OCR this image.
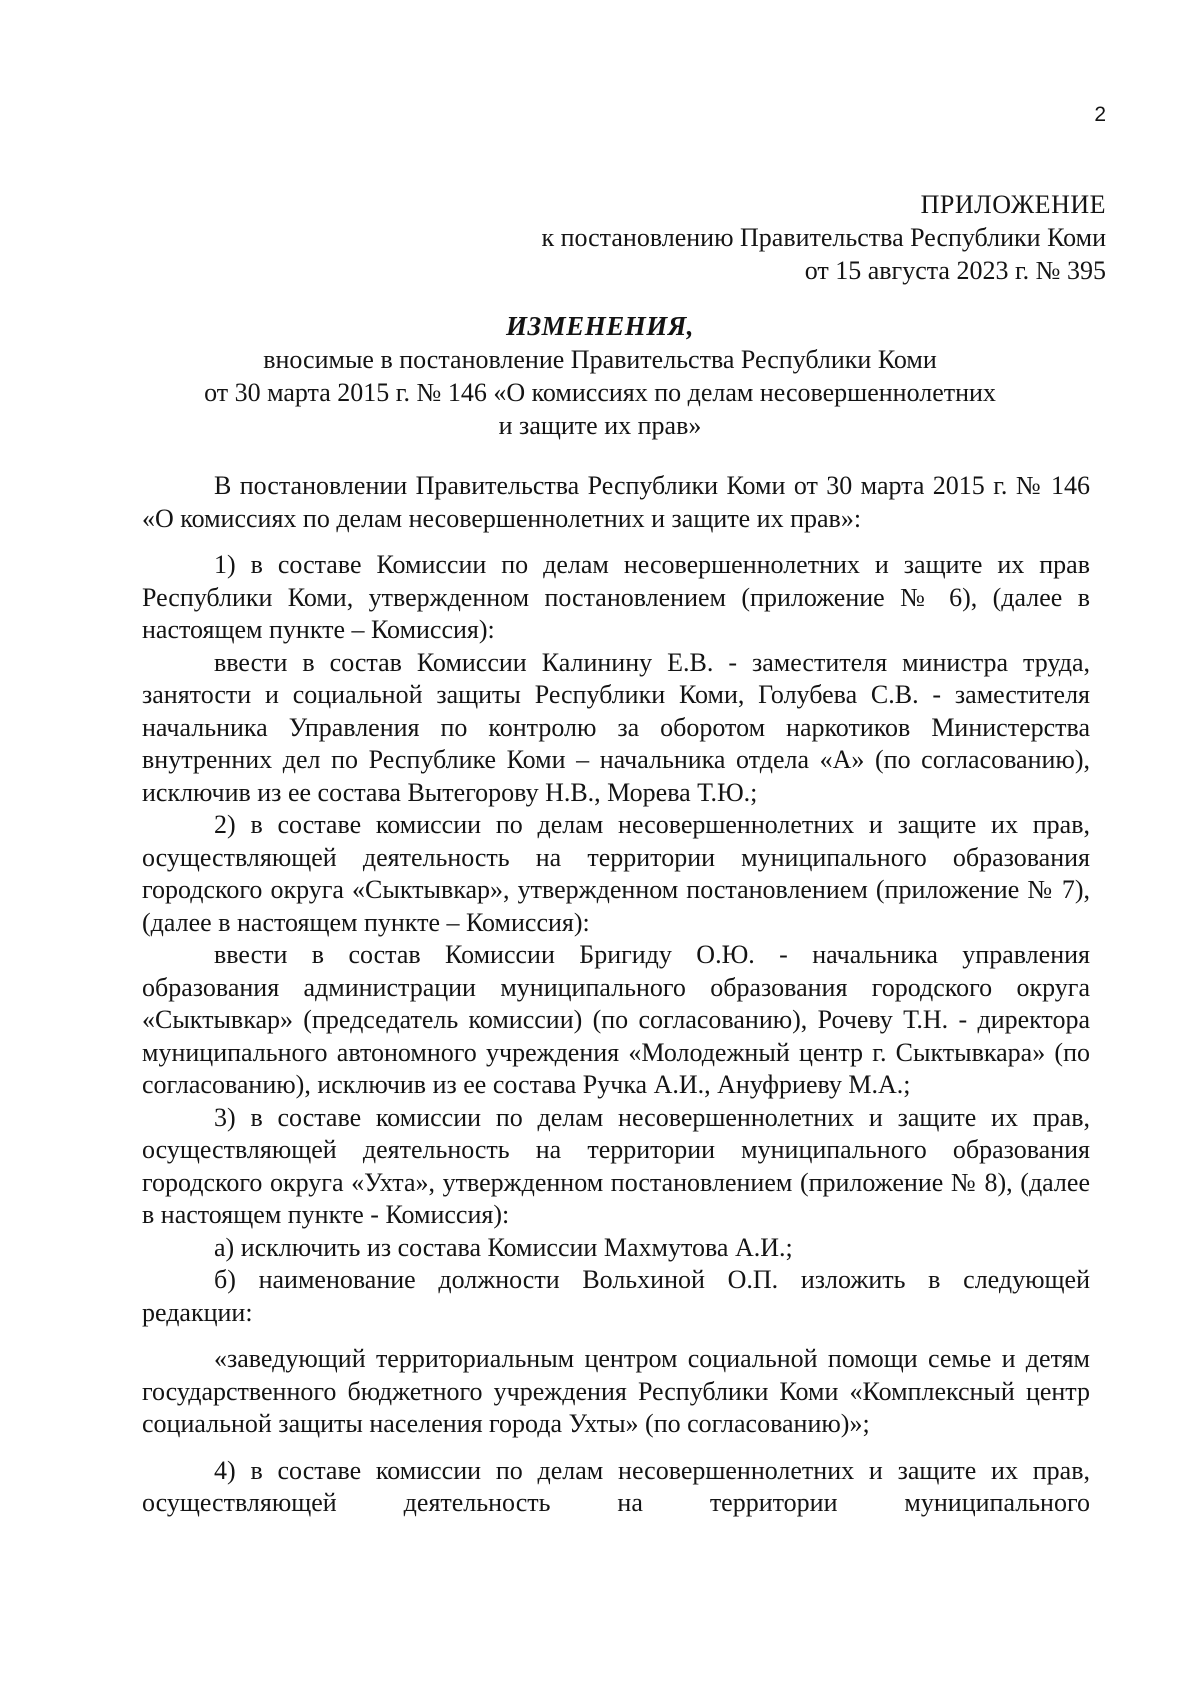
2
ПРИЛОЖЕНИЕ
к постановлению Правительства Республики Коми
от 15 августа 2023 г. № 395
ИЗМЕНЕНИЯ,
вносимые в постановление Правительства Республики Коми
от 30 марта 2015 г. № 146 «О комиссиях по делам несовершеннолетних
и защите их прав»

В постановлении Правительства Республики Коми от 30 марта 2015 г. № 146 «О комиссиях по делам несовершеннолетних и защите их прав»:

1) в составе Комиссии по делам несовершеннолетних и защите их прав Республики Коми, утвержденном постановлением (приложение № 6), (далее в настоящем пункте – Комиссия):

ввести в состав Комиссии Калинину Е.В. - заместителя министра труда, занятости и социальной защиты Республики Коми, Голубева С.В. - заместителя начальника Управления по контролю за оборотом наркотиков Министерства внутренних дел по Республике Коми – начальника отдела «А» (по согласованию), исключив из ее состава Вытегорову Н.В., Морева Т.Ю.;

2) в составе комиссии по делам несовершеннолетних и защите их прав, осуществляющей деятельность на территории муниципального образования городского округа «Сыктывкар», утвержденном постановлением (приложение № 7), (далее в настоящем пункте – Комиссия):

ввести в состав Комиссии Бригиду О.Ю. - начальника управления образования администрации муниципального образования городского округа «Сыктывкар» (председатель комиссии) (по согласованию), Рочеву Т.Н. - директора муниципального автономного учреждения «Молодежный центр г. Сыктывкара» (по согласованию), исключив из ее состава Ручка А.И., Ануфриеву М.А.;

3) в составе комиссии по делам несовершеннолетних и защите их прав, осуществляющей деятельность на территории муниципального образования городского округа «Ухта», утвержденном постановлением (приложение № 8), (далее в настоящем пункте - Комиссия):

а) исключить из состава Комиссии Махмутова А.И.;

б) наименование должности Вольхиной О.П. изложить в следующей редакции:

«заведующий территориальным центром социальной помощи семье и детям государственного бюджетного учреждения Республики Коми «Комплексный центр социальной защиты населения города Ухты» (по согласованию)»;

4) в составе комиссии по делам несовершеннолетних и защите их прав, осуществляющей деятельность на территории муниципального
